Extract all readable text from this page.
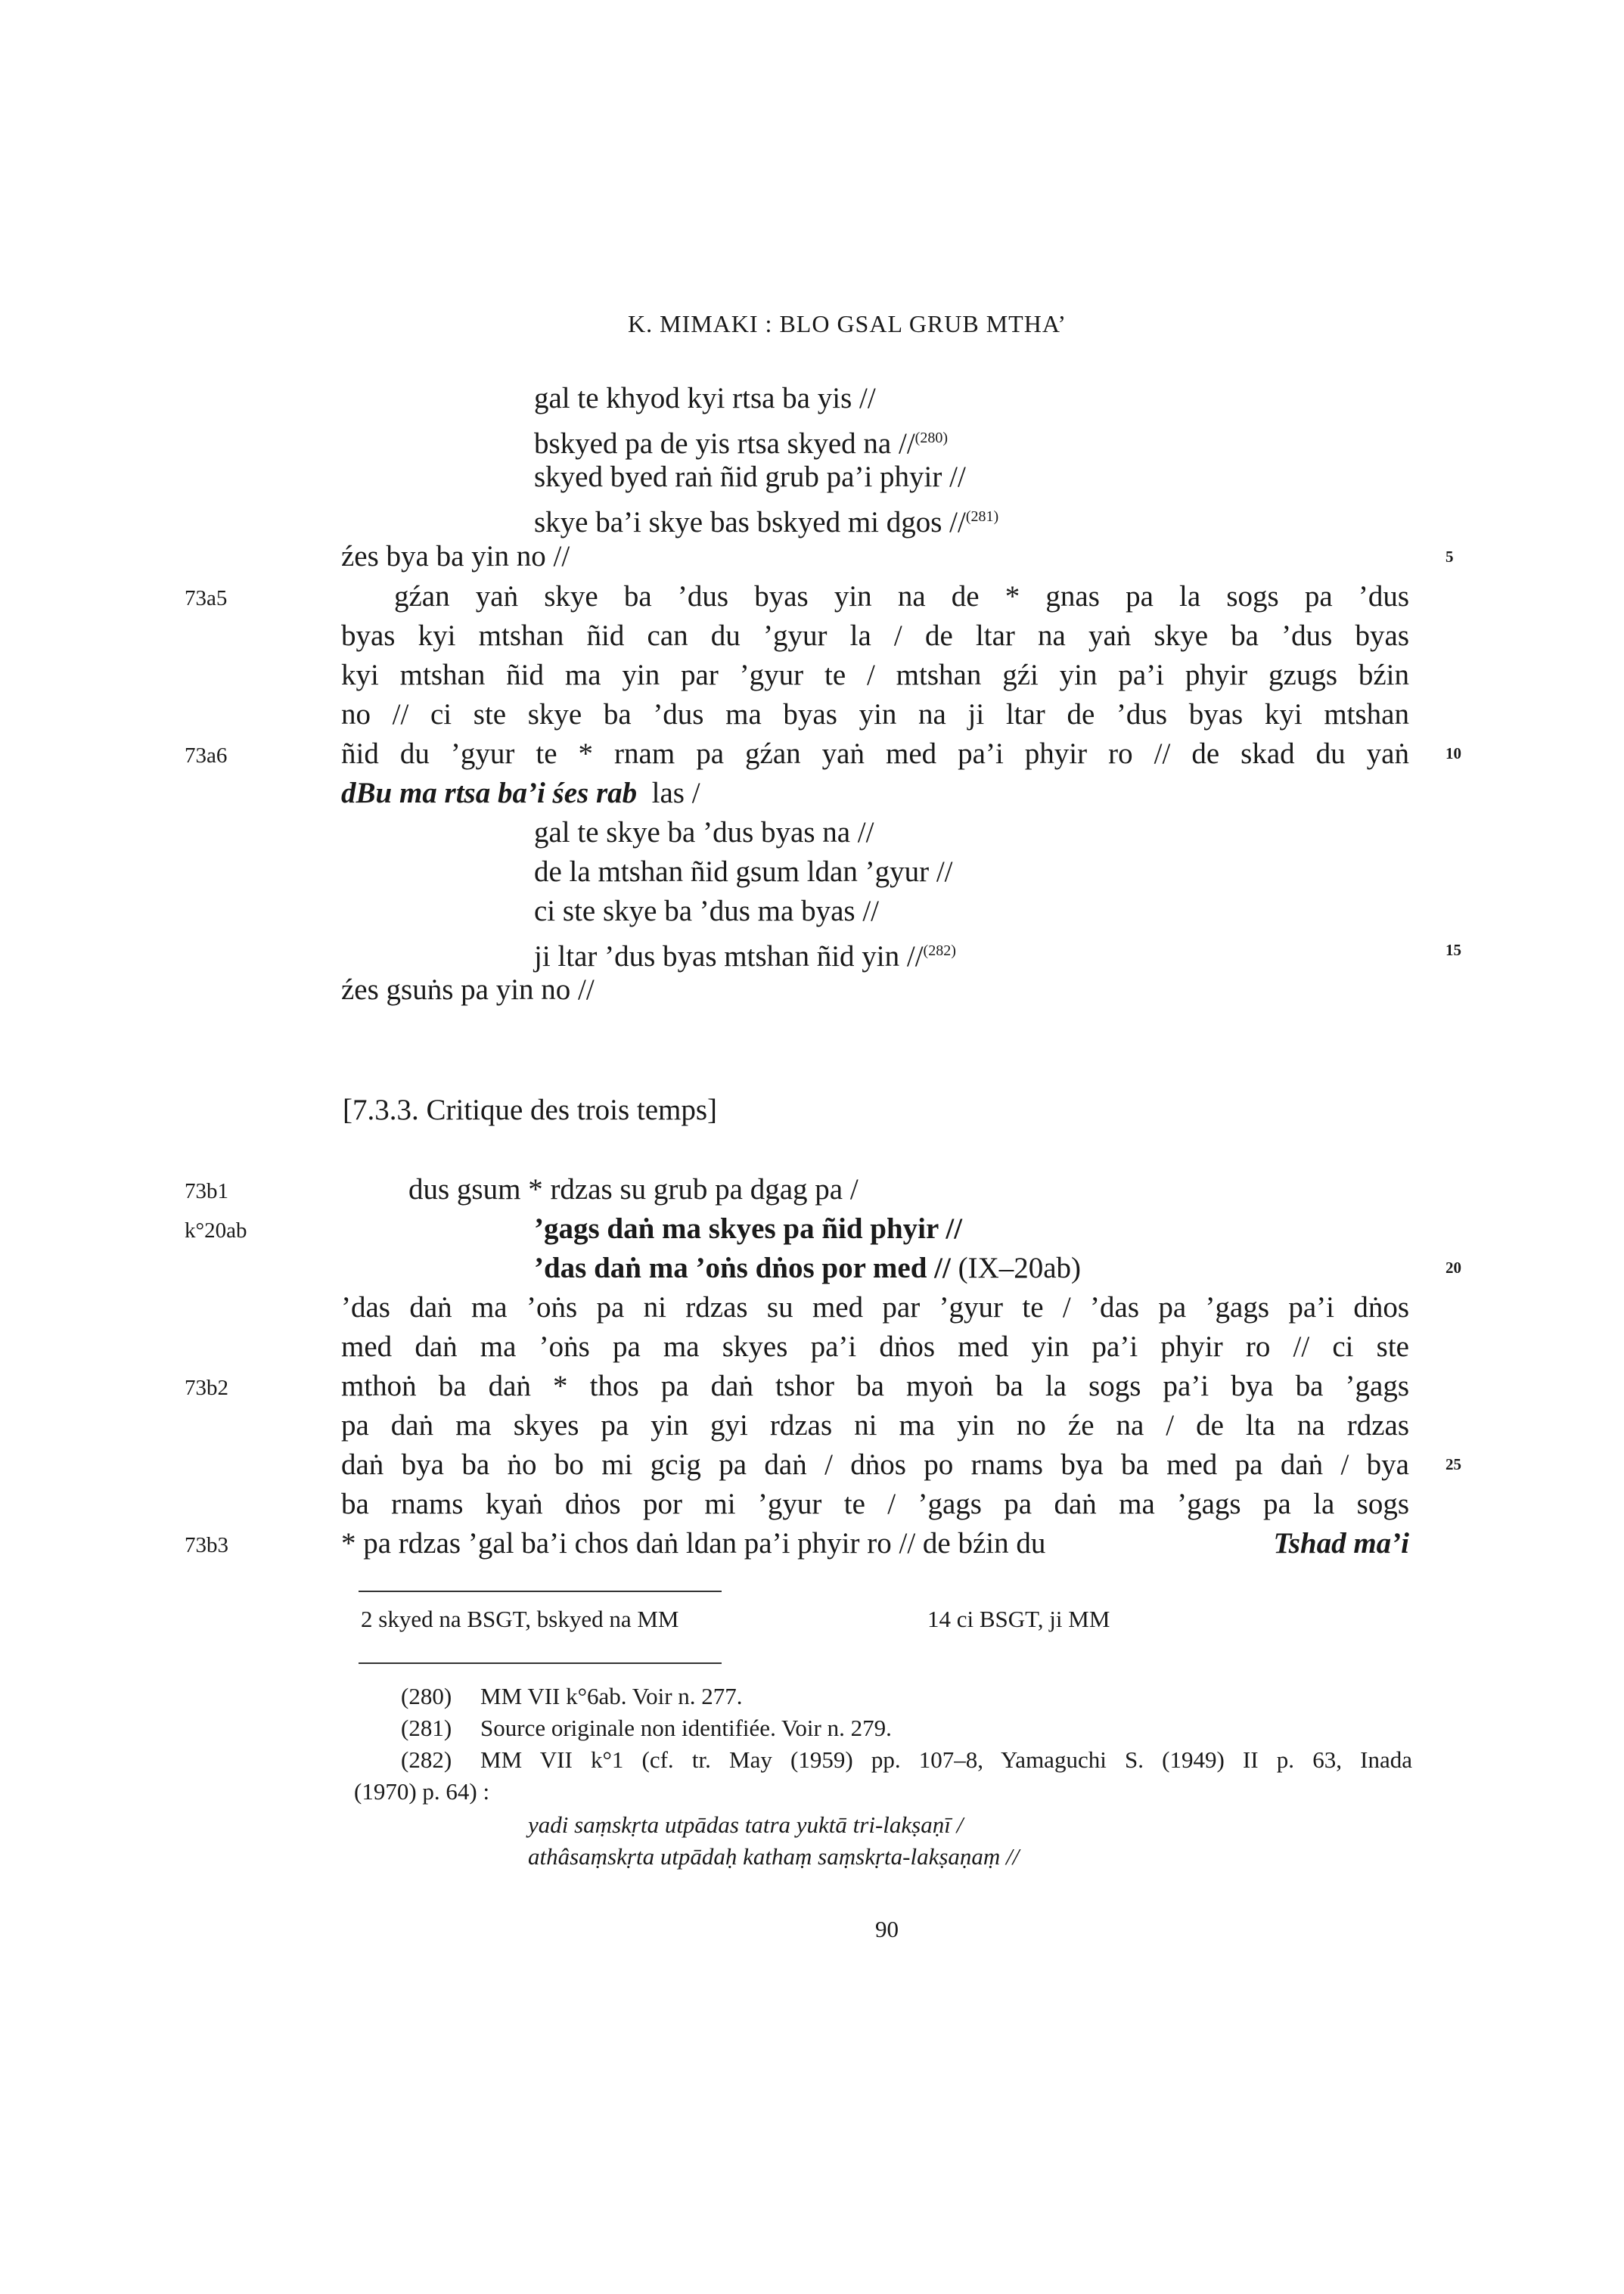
K. MIMAKI : BLO GSAL GRUB MTHA’
gal te khyod kyi rtsa ba yis //
bskyed pa de yis rtsa skyed na //$^{(280)}$
skyed byed raṅ ñid grub pa’i phyir //
skye ba’i skye bas bskyed mi dgos //$^{(281)}$
źes bya ba yin no //
gźan yaṅ skye ba ’dus byas yin na de * gnas pa la sogs pa ’dus
byas kyi mtshan ñid can du ’gyur la / de ltar na yaṅ skye ba ’dus byas
kyi mtshan ñid ma yin par ’gyur te / mtshan gźi yin pa’i phyir gzugs bźin
no // ci ste skye ba ’dus ma byas yin na ji ltar de ’dus byas kyi mtshan
ñid du ’gyur te * rnam pa gźan yaṅ med pa’i phyir ro // de skad du yaṅ
dBu ma rtsa ba’i śes rab las /
gal te skye ba ’dus byas na //
de la mtshan ñid gsum ldan ’gyur //
ci ste skye ba ’dus ma byas //
ji ltar ’dus byas mtshan ñid yin //$^{(282)}$
źes gsuṅs pa yin no //
[7.3.3. Critique des trois temps]
dus gsum * rdzas su grub pa dgag pa /
’gags daṅ ma skyes pa ñid phyir //
’das daṅ ma ’oṅs dṅos por med // (IX–20ab)
’das daṅ ma ’oṅs pa ni rdzas su med par ’gyur te / ’das pa ’gags pa’i dṅos
med daṅ ma ’oṅs pa ma skyes pa’i dṅos med yin pa’i phyir ro // ci ste
mthoṅ ba daṅ * thos pa daṅ tshor ba myoṅ ba la sogs pa’i bya ba ’gags
pa daṅ ma skyes pa yin gyi rdzas ni ma yin no źe na / de lta na rdzas
daṅ bya ba ṅo bo mi gcig pa daṅ / dṅos po rnams bya ba med pa daṅ / bya
ba rnams kyaṅ dṅos por mi ’gyur te / ’gags pa daṅ ma ’gags pa la sogs
* pa rdzas ’gal ba’i chos daṅ ldan pa’i phyir ro // de bźin du	Tshad ma’i
73a5
73a6
73b1
k°20ab
73b2
73b3
5
10
15
20
25
2 skyed na BSGT, bskyed na MM	14 ci BSGT, ji MM
(280) MM VII k°6ab. Voir n. 277.
(281) Source originale non identifiée. Voir n. 279.
(282) MM VII k°1 (cf. tr. May (1959) pp. 107–8, Yamaguchi S. (1949) II p. 63, Inada
(1970) p. 64) :
yadi saṃskṛta utpādas tatra yuktā tri-lakṣaṇī /
athâsaṃskṛta utpādaḥ kathaṃ saṃskṛta-lakṣaṇaṃ //
90
